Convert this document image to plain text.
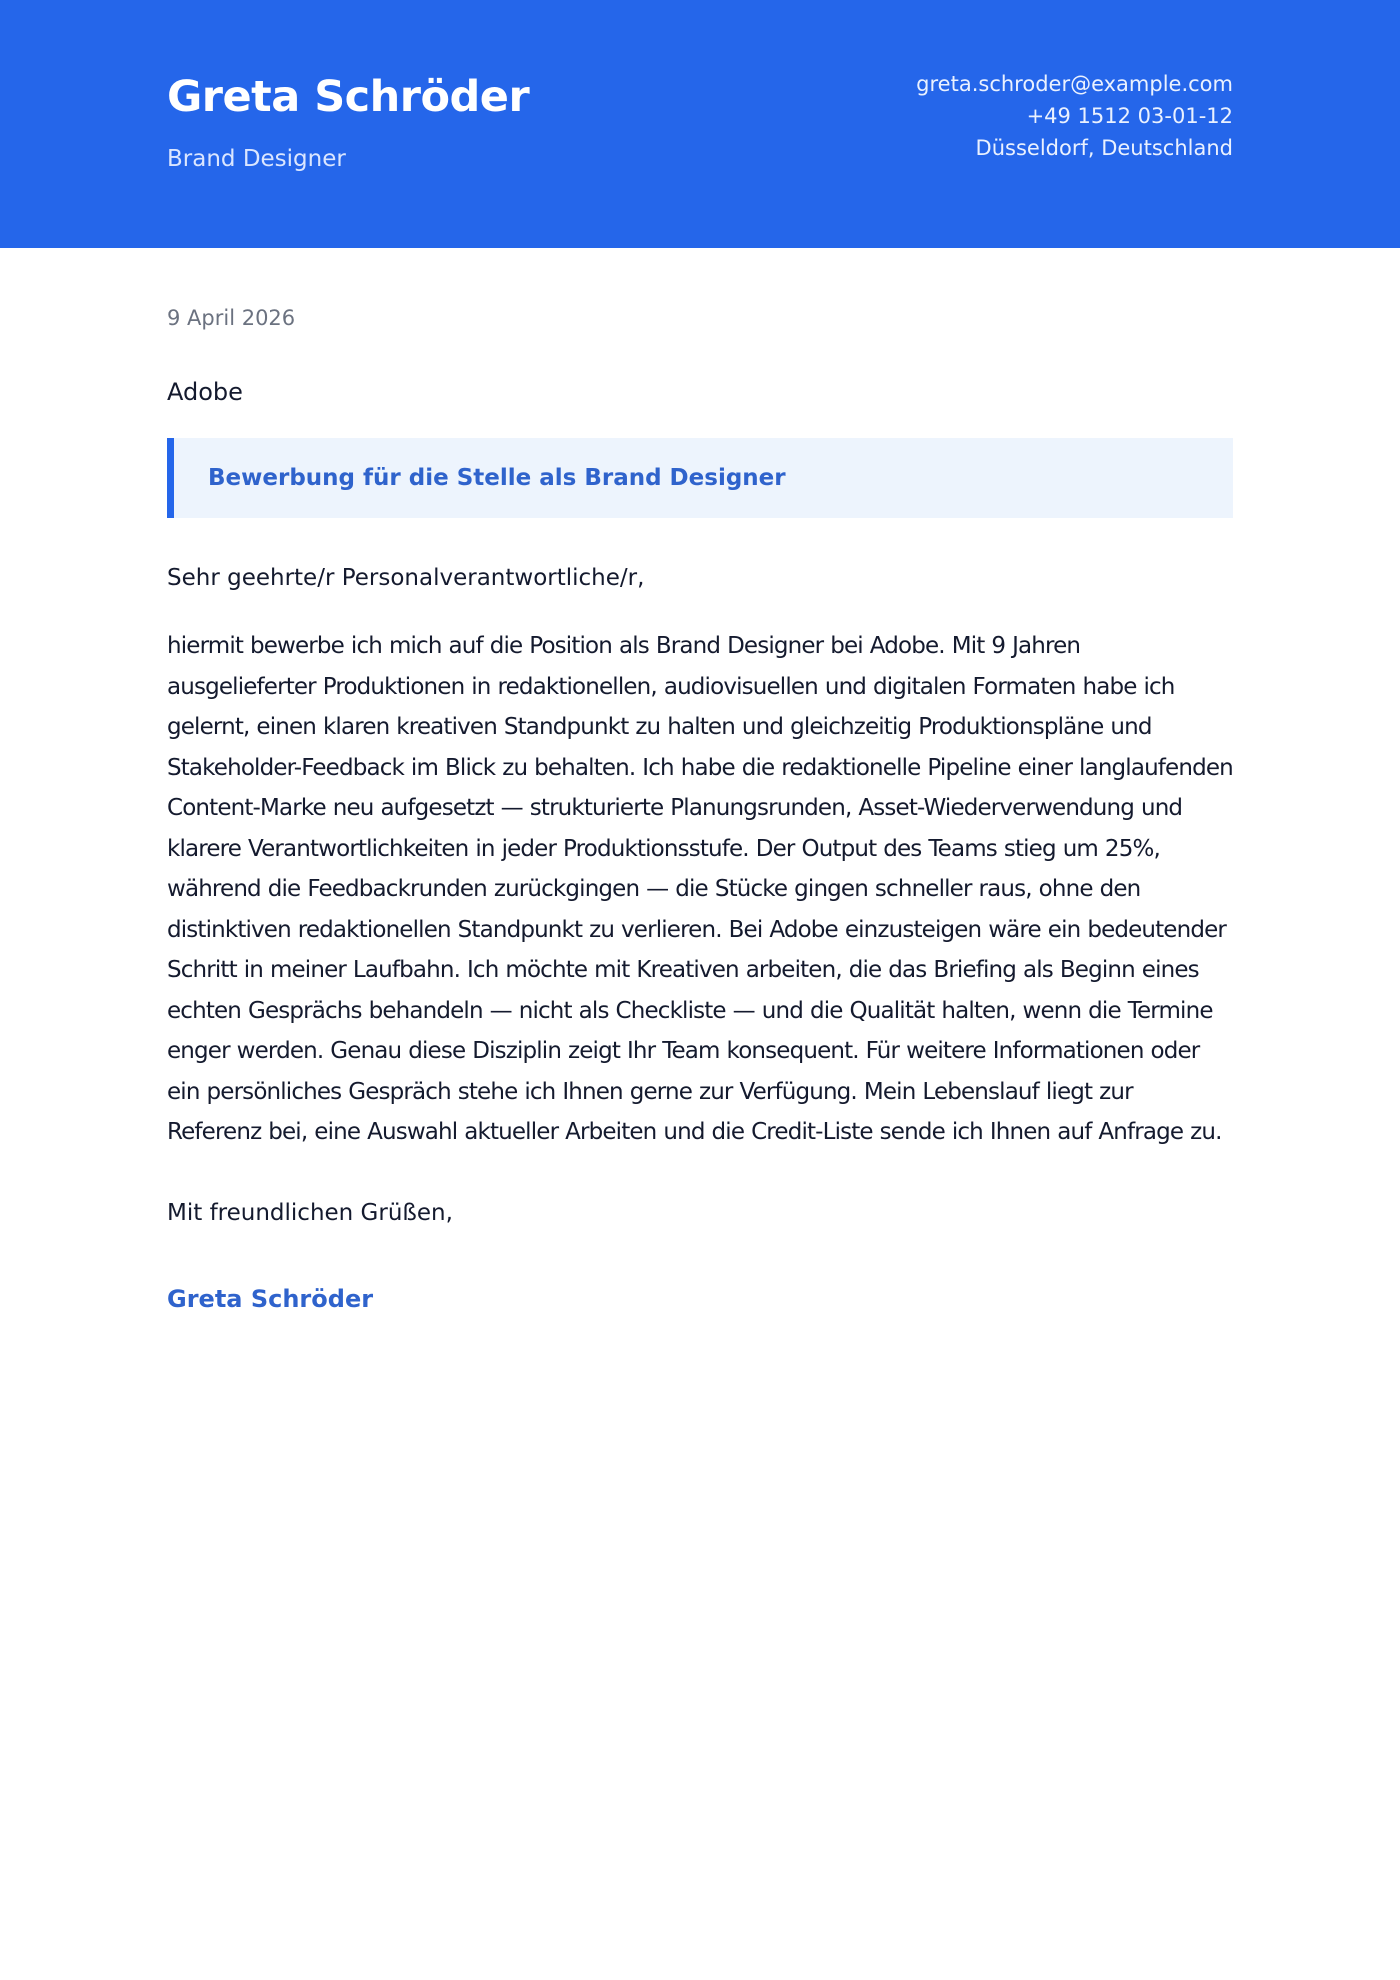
Greta Schröder
Brand Designer
greta.schroder@example.com
+49 1512 03-01-12
Düsseldorf, Deutschland
9 April 2026
Adobe
Bewerbung für die Stelle als Brand Designer
Sehr geehrte/r Personalverantwortliche/r,
hiermit bewerbe ich mich auf die Position als Brand Designer bei Adobe. Mit 9 Jahren ausgelieferter Produktionen in redaktionellen, audiovisuellen und digitalen Formaten habe ich gelernt, einen klaren kreativen Standpunkt zu halten und gleichzeitig Produktionspläne und Stakeholder-Feedback im Blick zu behalten. Ich habe die redaktionelle Pipeline einer langlaufenden Content-Marke neu aufgesetzt — strukturierte Planungsrunden, Asset-Wiederverwendung und klarere Verantwortlichkeiten in jeder Produktionsstufe. Der Output des Teams stieg um 25%, während die Feedbackrunden zurückgingen — die Stücke gingen schneller raus, ohne den distinktiven redaktionellen Standpunkt zu verlieren. Bei Adobe einzusteigen wäre ein bedeutender Schritt in meiner Laufbahn. Ich möchte mit Kreativen arbeiten, die das Briefing als Beginn eines echten Gesprächs behandeln — nicht als Checkliste — und die Qualität halten, wenn die Termine enger werden. Genau diese Disziplin zeigt Ihr Team konsequent. Für weitere Informationen oder ein persönliches Gespräch stehe ich Ihnen gerne zur Verfügung. Mein Lebenslauf liegt zur Referenz bei, eine Auswahl aktueller Arbeiten und die Credit-Liste sende ich Ihnen auf Anfrage zu.
Mit freundlichen Grüßen,
Greta Schröder
